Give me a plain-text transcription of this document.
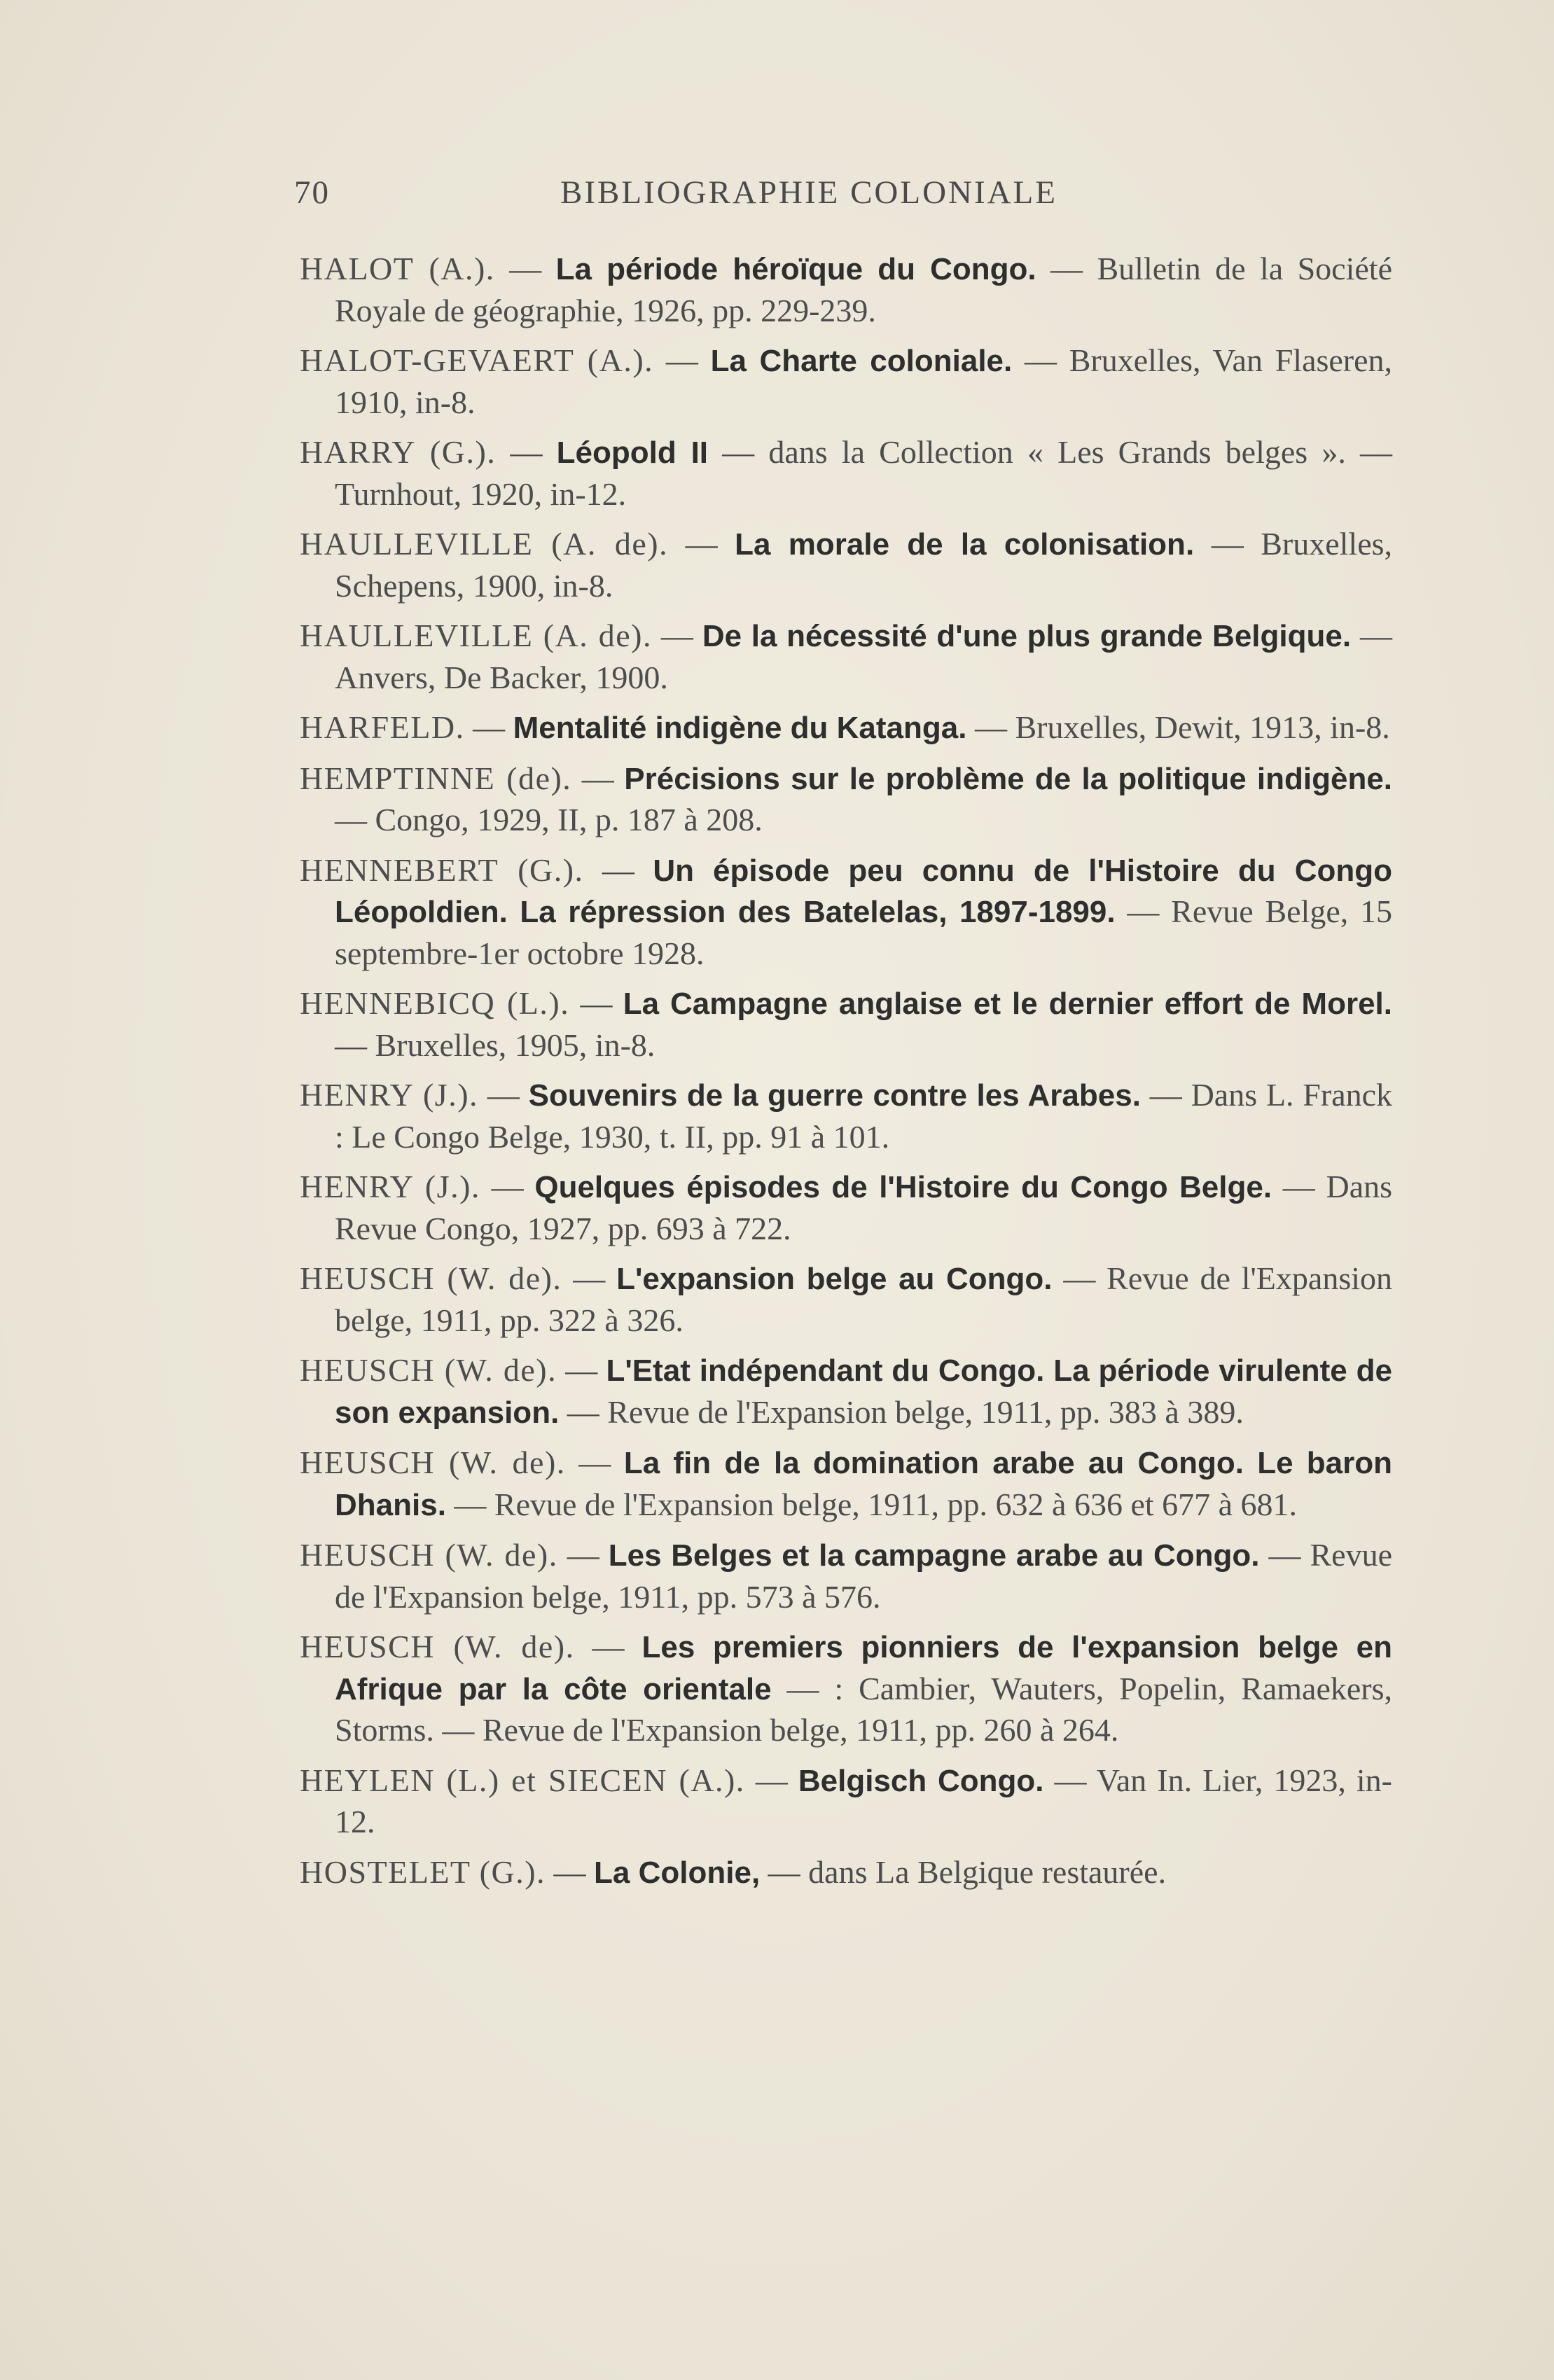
70	BIBLIOGRAPHIE COLONIALE

HALOT (A.). — La période héroïque du Congo. — Bulletin de la Société Royale de géographie, 1926, pp. 229-239.

HALOT-GEVAERT (A.). — La Charte coloniale. — Bruxelles, Van Flaseren, 1910, in-8.

HARRY (G.). — Léopold II — dans la Collection « Les Grands belges ». — Turnhout, 1920, in-12.

HAULLEVILLE (A. de). — La morale de la colonisation. — Bruxelles, Schepens, 1900, in-8.

HAULLEVILLE (A. de). — De la nécessité d'une plus grande Belgique. — Anvers, De Backer, 1900.

HARFELD. — Mentalité indigène du Katanga. — Bruxelles, Dewit, 1913, in-8.

HEMPTINNE (de). — Précisions sur le problème de la politique indigène. — Congo, 1929, II, p. 187 à 208.

HENNEBERT (G.). — Un épisode peu connu de l'Histoire du Congo Léopoldien. La répression des Batelelas, 1897-1899. — Revue Belge, 15 septembre-1er octobre 1928.

HENNEBICQ (L.). — La Campagne anglaise et le dernier effort de Morel. — Bruxelles, 1905, in-8.

HENRY (J.). — Souvenirs de la guerre contre les Arabes. — Dans L. Franck : Le Congo Belge, 1930, t. II, pp. 91 à 101.

HENRY (J.). — Quelques épisodes de l'Histoire du Congo Belge. — Dans Revue Congo, 1927, pp. 693 à 722.

HEUSCH (W. de). — L'expansion belge au Congo. — Revue de l'Expansion belge, 1911, pp. 322 à 326.

HEUSCH (W. de). — L'Etat indépendant du Congo. La période virulente de son expansion. — Revue de l'Expansion belge, 1911, pp. 383 à 389.

HEUSCH (W. de). — La fin de la domination arabe au Congo. Le baron Dhanis. — Revue de l'Expansion belge, 1911, pp. 632 à 636 et 677 à 681.

HEUSCH (W. de). — Les Belges et la campagne arabe au Congo. — Revue de l'Expansion belge, 1911, pp. 573 à 576.

HEUSCH (W. de). — Les premiers pionniers de l'expansion belge en Afrique par la côte orientale — : Cambier, Wauters, Popelin, Ramaekers, Storms. — Revue de l'Expansion belge, 1911, pp. 260 à 264.

HEYLEN (L.) et SIECEN (A.). — Belgisch Congo. — Van In. Lier, 1923, in-12.

HOSTELET (G.). — La Colonie, — dans La Belgique restaurée.
